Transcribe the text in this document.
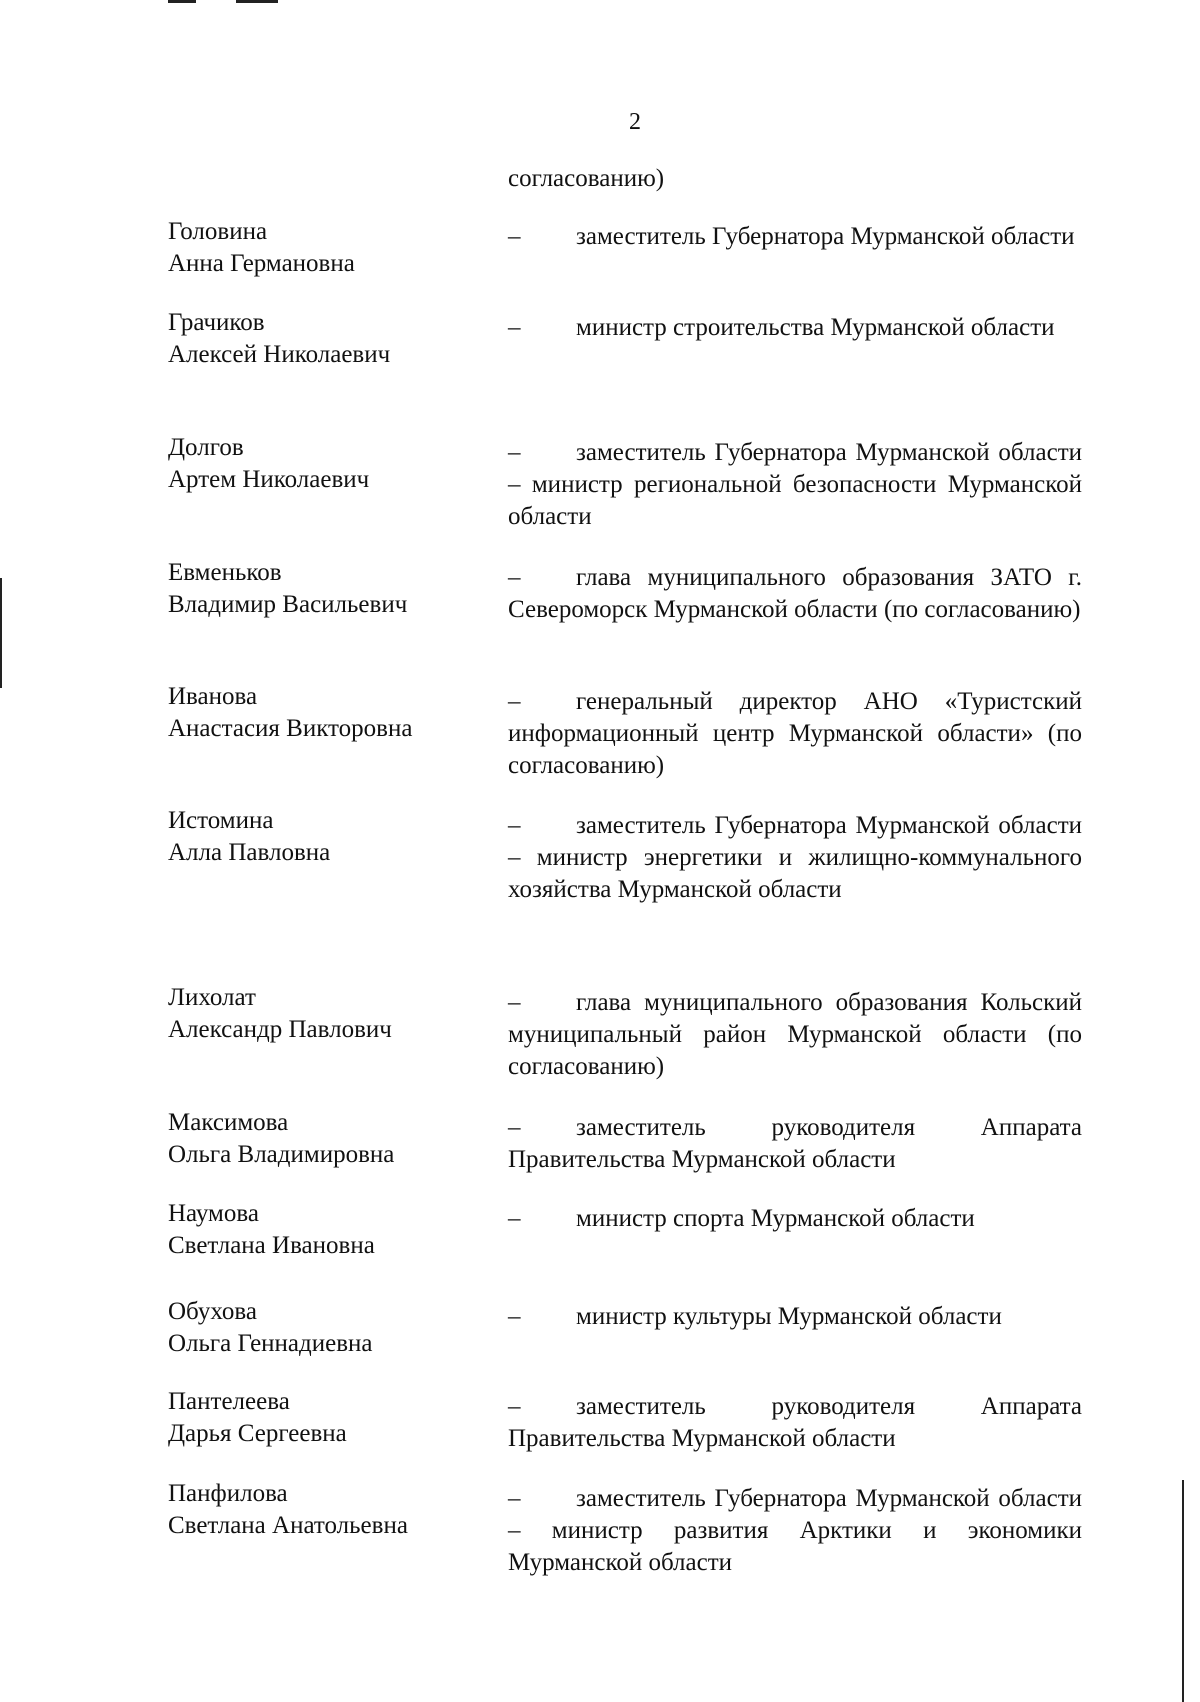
2
согласованию)
Головина
Анна Германовна
–	заместитель Губернатора Мурманской области
Грачиков
Алексей Николаевич
–	министр строительства Мурманской области
Долгов
Артем Николаевич
–	заместитель Губернатора Мурманской области – министр региональной безопасности Мурманской области
Евменьков
Владимир Васильевич
–	глава муниципального образования ЗАТО г. Североморск Мурманской области (по согласованию)
Иванова
Анастасия Викторовна
–	генеральный директор АНО «Туристский информационный центр Мурманской области» (по согласованию)
Истомина
Алла Павловна
–	заместитель Губернатора Мурманской области – министр энергетики и жилищно-коммунального хозяйства Мурманской области
Лихолат
Александр Павлович
–	глава муниципального образования Кольский муниципальный район Мурманской области (по согласованию)
Максимова
Ольга Владимировна
–	заместитель руководителя Аппарата Правительства Мурманской области
Наумова
Светлана Ивановна
–	министр спорта Мурманской области
Обухова
Ольга Геннадиевна
–	министр культуры Мурманской области
Пантелеева
Дарья Сергеевна
–	заместитель руководителя Аппарата Правительства Мурманской области
Панфилова
Светлана Анатольевна
–	заместитель Губернатора Мурманской области – министр развития Арктики и экономики Мурманской области
